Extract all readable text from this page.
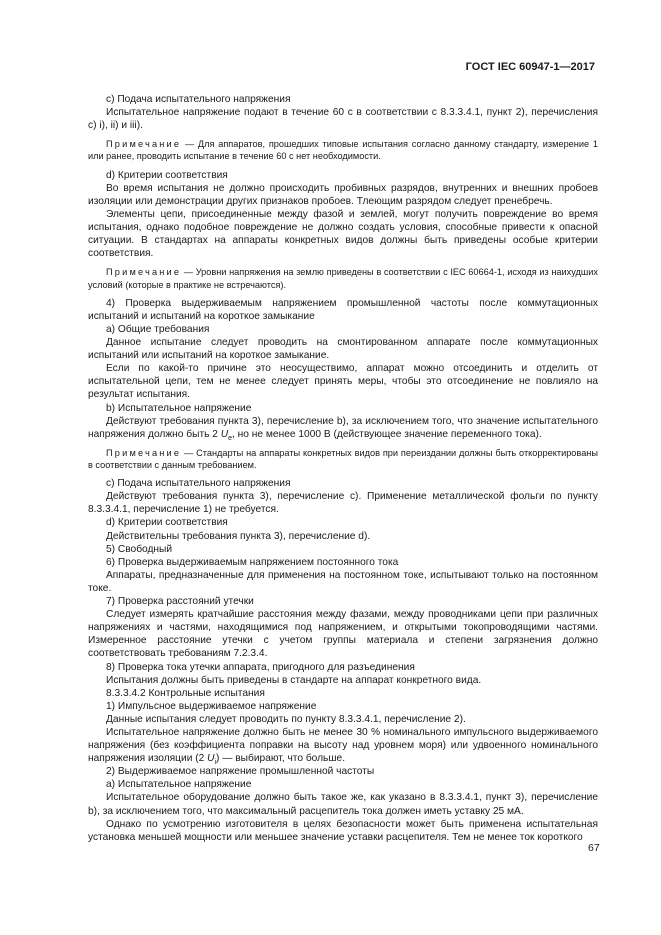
ГОСТ IEC 60947-1—2017

с) Подача испытательного напряжения

Испытательное напряжение подают в течение 60 с в соответствии с 8.3.3.4.1, пункт 2), перечисления с) i), ii) и iii).

Примечание — Для аппаратов, прошедших типовые испытания согласно данному стандарту, измерение 1 или ранее, проводить испытание в течение 60 с нет необходимости.

d) Критерии соответствия

Во время испытания не должно происходить пробивных разрядов, внутренних и внешних пробоев изоляции или демонстрации других признаков пробоев. Тлеющим разрядом следует пренебречь.

Элементы цепи, присоединенные между фазой и землей, могут получить повреждение во время испытания, однако подобное повреждение не должно создать условия, способные привести к опасной ситуации. В стандартах на аппараты конкретных видов должны быть приведены особые критерии соответствия.

Примечание — Уровни напряжения на землю приведены в соответствии с IEC 60664-1, исходя из наихудших условий (которые в практике не встречаются).

4) Проверка выдерживаемым напряжением промышленной частоты после коммутационных испытаний и испытаний на короткое замыкание

а) Общие требования

Данное испытание следует проводить на смонтированном аппарате после коммутационных испытаний или испытаний на короткое замыкание.

Если по какой-то причине это неосуществимо, аппарат можно отсоединить и отделить от испытательной цепи, тем не менее следует принять меры, чтобы это отсоединение не повлияло на результат испытания.

b) Испытательное напряжение

Действуют требования пункта 3), перечисление b), за исключением того, что значение испытательного напряжения должно быть 2 $U_е$, но не менее 1000 В (действующее значение переменного тока).

Примечание — Стандарты на аппараты конкретных видов при переиздании должны быть откорректированы в соответствии с данным требованием.

с) Подача испытательного напряжения

Действуют требования пункта 3), перечисление с). Применение металлической фольги по пункту 8.3.3.4.1, перечисление 1) не требуется.

d) Критерии соответствия

Действительны требования пункта 3), перечисление d).

5) Свободный

6) Проверка выдерживаемым напряжением постоянного тока

Аппараты, предназначенные для применения на постоянном токе, испытывают только на постоянном токе.

7) Проверка расстояний утечки

Следует измерять кратчайшие расстояния между фазами, между проводниками цепи при различных напряжениях и частями, находящимися под напряжением, и открытыми токопроводящими частями. Измеренное расстояние утечки с учетом группы материала и степени загрязнения должно соответствовать требованиям 7.2.3.4.

8) Проверка тока утечки аппарата, пригодного для разъединения

Испытания должны быть приведены в стандарте на аппарат конкретного вида.

8.3.3.4.2 Контрольные испытания

1) Импульсное выдерживаемое напряжение

Данные испытания следует проводить по пункту 8.3.3.4.1, перечисление 2).

Испытательное напряжение должно быть не менее 30 % номинального импульсного выдерживаемого напряжения (без коэффициента поправки на высоту над уровнем моря) или удвоенного номинального напряжения изоляции (2 $U_i$) — выбирают, что больше.

2) Выдерживаемое напряжение промышленной частоты

а) Испытательное напряжение

Испытательное оборудование должно быть такое же, как указано в 8.3.3.4.1, пункт 3), перечисление b), за исключением того, что максимальный расцепитель тока должен иметь уставку 25 мА.

Однако по усмотрению изготовителя в целях безопасности может быть применена испытательная установка меньшей мощности или меньшее значение уставки расцепителя. Тем не менее ток короткого

67
